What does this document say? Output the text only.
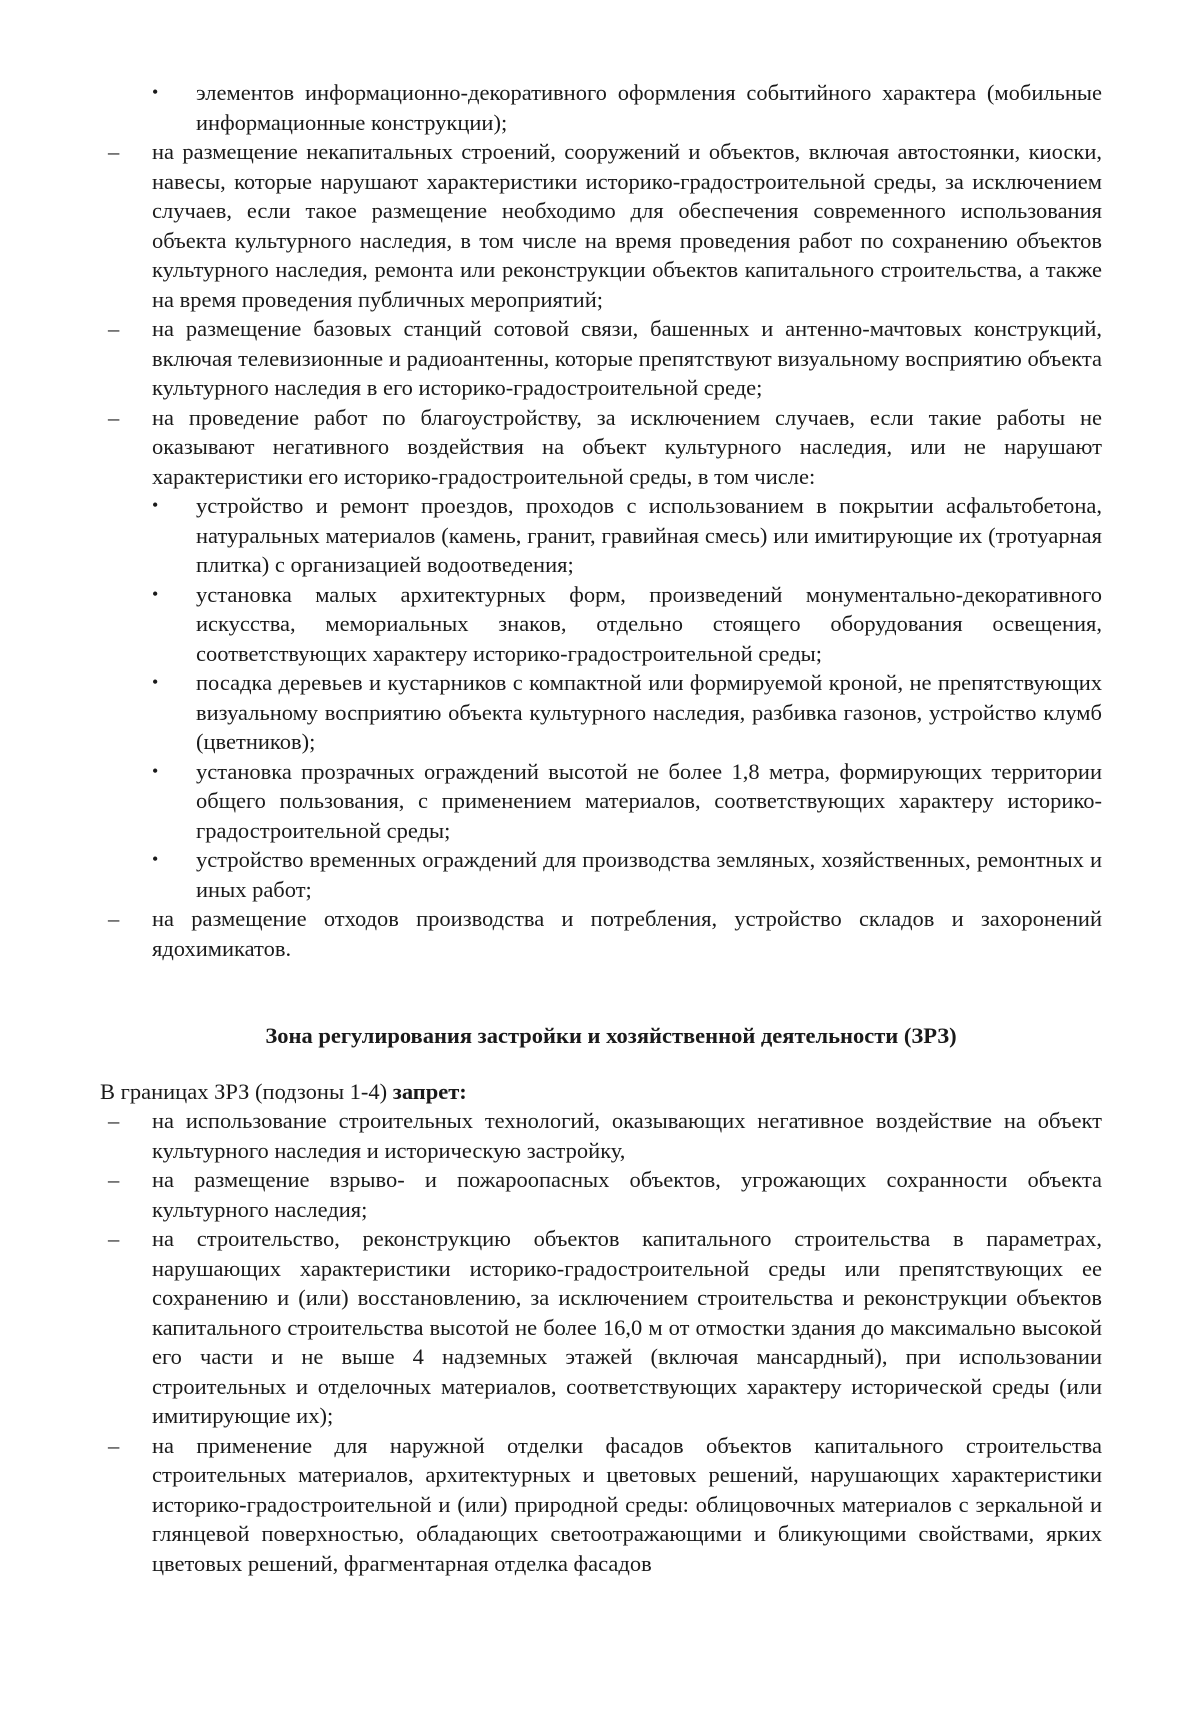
• элементов информационно-декоративного оформления событийного характера (мобильные информационные конструкции);

– на размещение некапитальных строений, сооружений и объектов, включая автостоянки, киоски, навесы, которые нарушают характеристики историко-градостроительной среды, за исключением случаев, если такое размещение необходимо для обеспечения современного использования объекта культурного наследия, в том числе на время проведения работ по сохранению объектов культурного наследия, ремонта или реконструкции объектов капитального строительства, а также на время проведения публичных мероприятий;

– на размещение базовых станций сотовой связи, башенных и антенно-мачтовых конструкций, включая телевизионные и радиоантенны, которые препятствуют визуальному восприятию объекта культурного наследия в его историко-градостроительной среде;

– на проведение работ по благоустройству, за исключением случаев, если такие работы не оказывают негативного воздействия на объект культурного наследия, или не нарушают характеристики его историко-градостроительной среды, в том числе:

• устройство и ремонт проездов, проходов с использованием в покрытии асфальтобетона, натуральных материалов (камень, гранит, гравийная смесь) или имитирующие их (тротуарная плитка) с организацией водоотведения;

• установка малых архитектурных форм, произведений монументально-декоративного искусства, мемориальных знаков, отдельно стоящего оборудования освещения, соответствующих характеру историко-градостроительной среды;

• посадка деревьев и кустарников с компактной или формируемой кроной, не препятствующих визуальному восприятию объекта культурного наследия, разбивка газонов, устройство клумб (цветников);

• установка прозрачных ограждений высотой не более 1,8 метра, формирующих территории общего пользования, с применением материалов, соответствующих характеру историко-градостроительной среды;

• устройство временных ограждений для производства земляных, хозяйственных, ремонтных и иных работ;

– на размещение отходов производства и потребления, устройство складов и захоронений ядохимикатов.

Зона регулирования застройки и хозяйственной деятельности (ЗРЗ)

В границах ЗРЗ (подзоны 1-4) запрет:

– на использование строительных технологий, оказывающих негативное воздействие на объект культурного наследия и историческую застройку,

– на размещение взрыво- и пожароопасных объектов, угрожающих сохранности объекта культурного наследия;

– на строительство, реконструкцию объектов капитального строительства в параметрах, нарушающих характеристики историко-градостроительной среды или препятствующих ее сохранению и (или) восстановлению, за исключением строительства и реконструкции объектов капитального строительства высотой не более 16,0 м от отмостки здания до максимально высокой его части и не выше 4 надземных этажей (включая мансардный), при использовании строительных и отделочных материалов, соответствующих характеру исторической среды (или имитирующие их);

– на применение для наружной отделки фасадов объектов капитального строительства строительных материалов, архитектурных и цветовых решений, нарушающих характеристики историко-градостроительной и (или) природной среды: облицовочных материалов с зеркальной и глянцевой поверхностью, обладающих светоотражающими и бликующими свойствами, ярких цветовых решений, фрагментарная отделка фасадов
